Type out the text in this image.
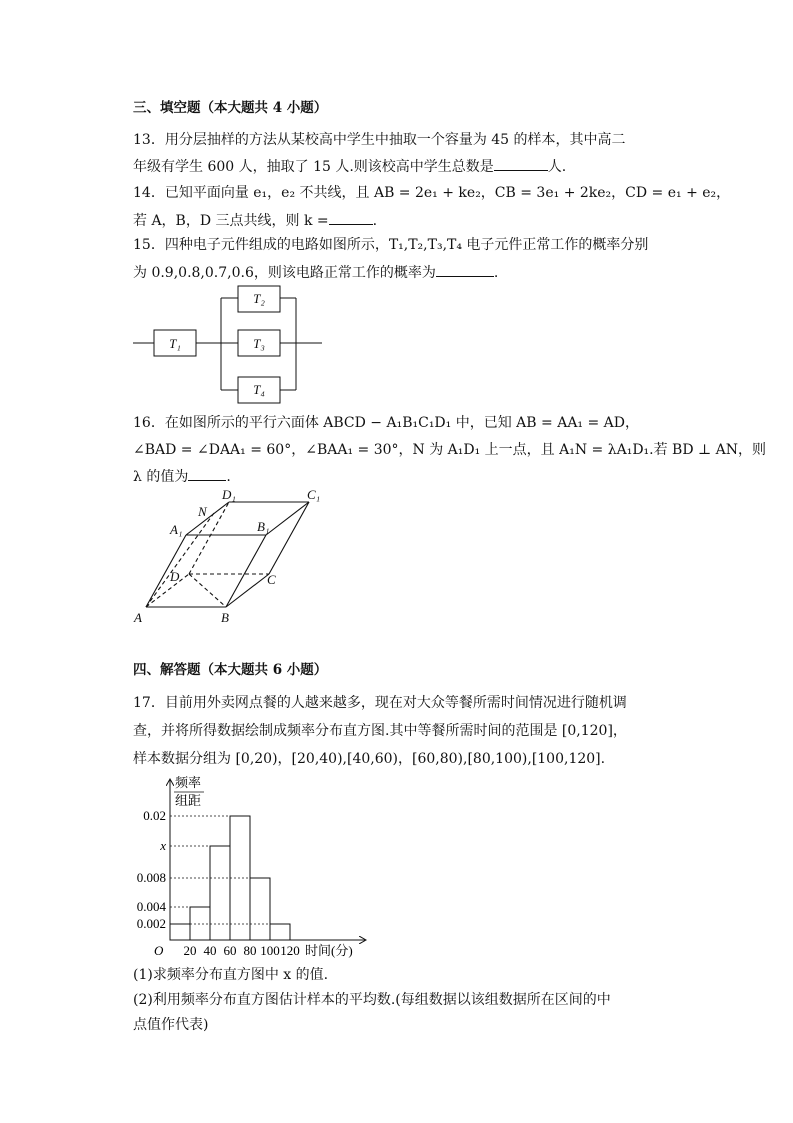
三、填空题（本大题共 4 小题）
13．用分层抽样的方法从某校高中学生中抽取一个容量为 45 的样本，其中高二
年级有学生 600 人，抽取了 15 人.则该校高中学生总数是	人.
14．已知平面向量 e₁，e₂ 不共线，且 AB = 2e₁ + ke₂，CB = 3e₁ + 2ke₂，CD = e₁ + e₂，
若 A，B，D 三点共线，则 k =	.
15．四种电子元件组成的电路如图所示，T₁,T₂,T₃,T₄ 电子元件正常工作的概率分别
为 0.9,0.8,0.7,0.6，则该电路正常工作的概率为	.
T₁
T₂
T₃
T₄
16．在如图所示的平行六面体 ABCD − A₁B₁C₁D₁ 中，已知 AB = AA₁ = AD，
∠BAD = ∠DAA₁ = 60°，∠BAA₁ = 30°，N 为 A₁D₁ 上一点，且 A₁N = λA₁D₁.若 BD ⊥ AN，则
λ 的值为	.
D₁	C₁
N
A₁	B₁
D	C
A	B
四、解答题（本大题共 6 小题）
17．目前用外卖网点餐的人越来越多，现在对大众等餐所需时间情况进行随机调
查，并将所得数据绘制成频率分布直方图.其中等餐所需时间的范围是 [0,120]，
样本数据分组为 [0,20)，[20,40),[40,60)，[60,80),[80,100),[100,120].
频率
组距
O	时间(分)
0.02
x
0.008
0.004
0.002
20 40 60 80 100 120
(1)求频率分布直方图中 x 的值.
(2)利用频率分布直方图估计样本的平均数.(每组数据以该组数据所在区间的中
点值作代表)
